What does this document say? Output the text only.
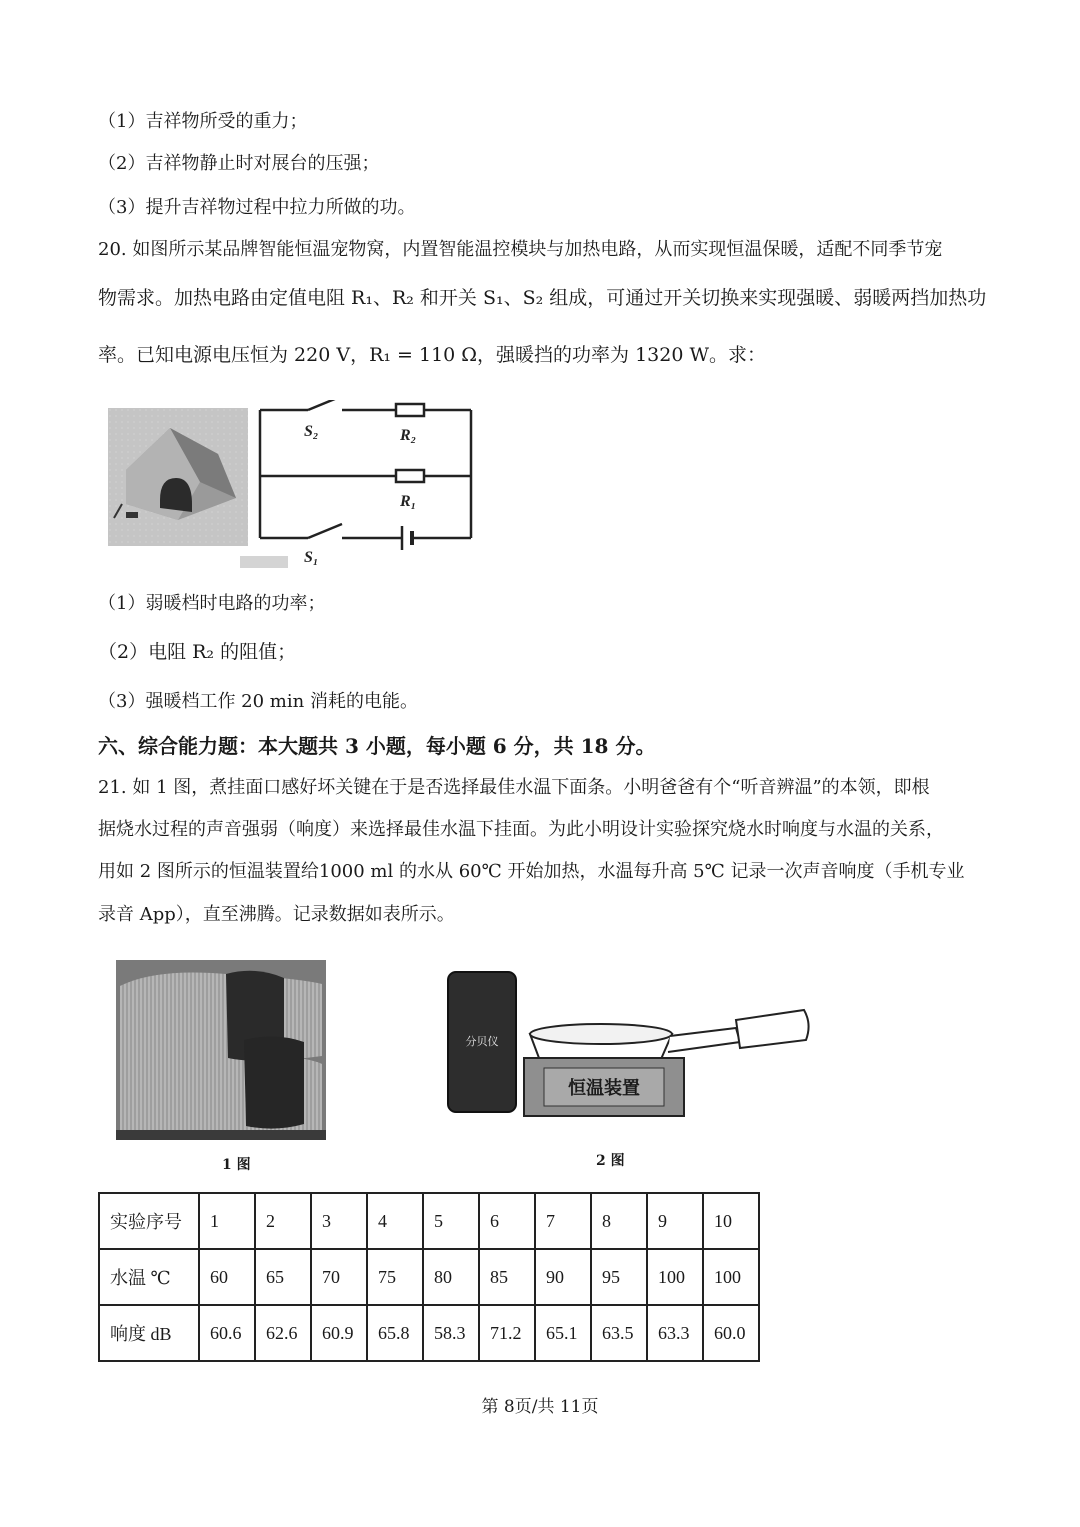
（1）吉祥物所受的重力；
（2）吉祥物静止时对展台的压强；
（3）提升吉祥物过程中拉力所做的功。
20. 如图所示某品牌智能恒温宠物窝，内置智能温控模块与加热电路，从而实现恒温保暖，适配不同季节宠
物需求。加热电路由定值电阻 R₁、R₂ 和开关 S₁、S₂ 组成，可通过开关切换来实现强暖、弱暖两挡加热功
率。已知电源电压恒为 220 V，R₁ = 110 Ω，强暖挡的功率为 1320 W。求：
S₂	R₂
R₁
S₁
（1）弱暖档时电路的功率；
（2）电阻 R₂ 的阻值；
（3）强暖档工作 20 min 消耗的电能。
六、综合能力题：本大题共 3 小题，每小题 6 分，共 18 分。
21. 如 1 图，煮挂面口感好坏关键在于是否选择最佳水温下面条。小明爸爸有个“听音辨温”的本领，即根
据烧水过程的声音强弱（响度）来选择最佳水温下挂面。为此小明设计实验探究烧水时响度与水温的关系，
用如 2 图所示的恒温装置给1000 ml 的水从 60℃ 开始加热，水温每升高 5℃ 记录一次声音响度（手机专业
录音 App），直至沸腾。记录数据如表所示。
1 图
分贝仪
恒温装置
2 图
实验序号	1	2	3	4	5	6	7	8	9	10
水温 ℃	60	65	70	75	80	85	90	95	100	100
响度 dB	60.6	62.6	60.9	65.8	58.3	71.2	65.1	63.5	63.3	60.0
第 8页/共 11页
